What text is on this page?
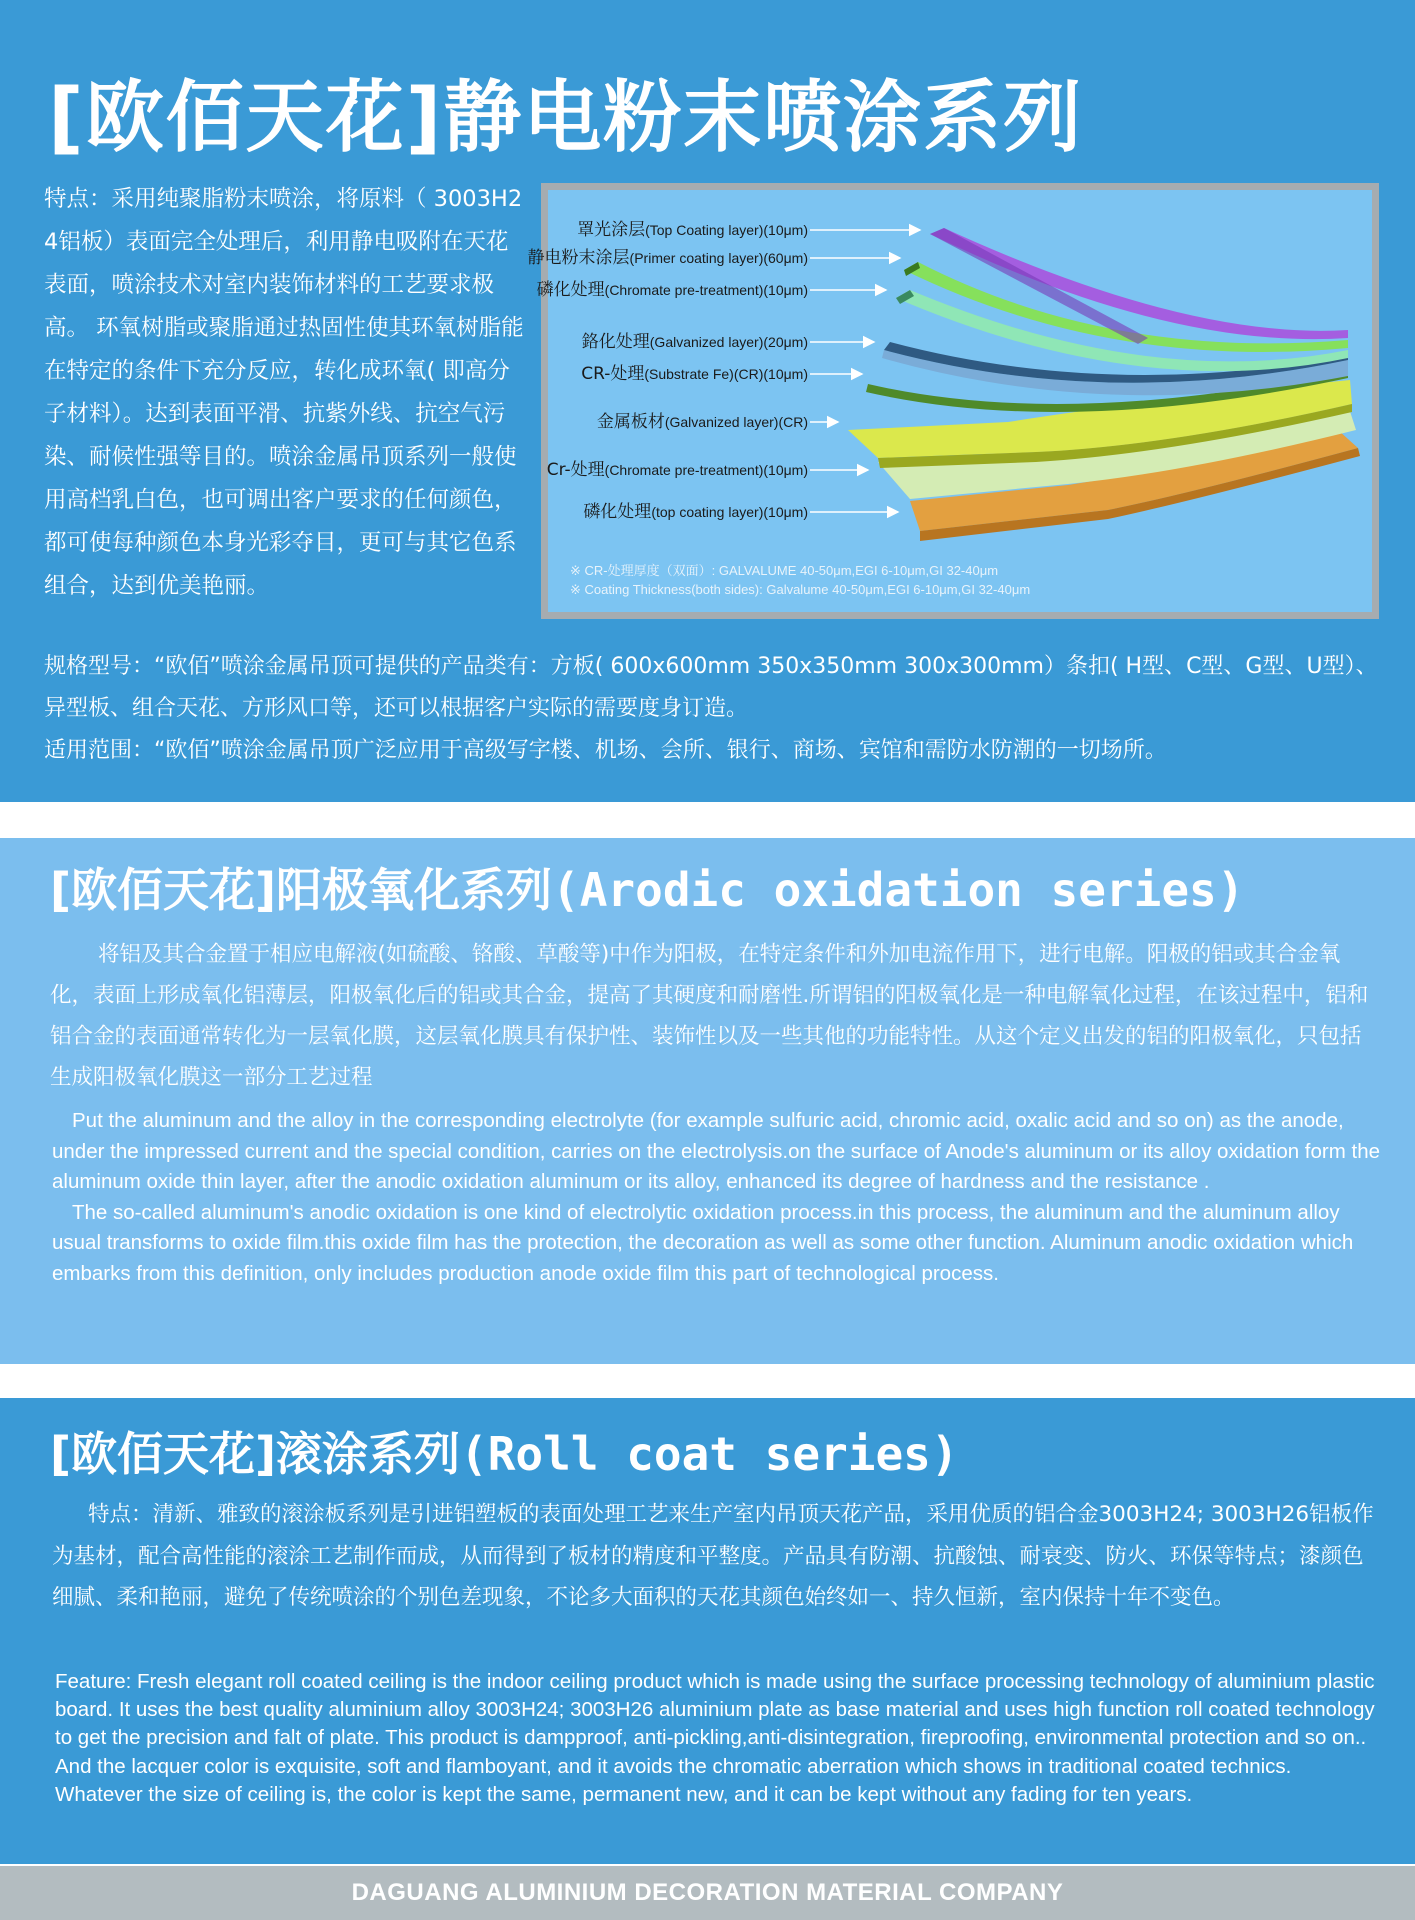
[欧佰天花]静电粉末喷涂系列

特点：采用纯聚脂粉末喷涂，将原料（ 3003H24铝板）表面完全处理后，利用静电吸附在天花表面，喷涂技术对室内装饰材料的工艺要求极高。 环氧树脂或聚脂通过热固性使其环氧树脂能在特定的条件下充分反应，转化成环氧( 即高分子材料）。达到表面平滑、抗紫外线、抗空气污染、耐候性强等目的。喷涂金属吊顶系列一般使用高档乳白色，也可调出客户要求的任何颜色，都可使每种颜色本身光彩夺目，更可与其它色系组合，达到优美艳丽。

罩光涂层(Top Coating layer)(10μm)
静电粉末涂层(Primer coating layer)(60μm)
磷化处理(Chromate pre-treatment)(10μm)
鉻化处理(Galvanized layer)(20μm)
CR-处理(Substrate Fe)(CR)(10μm)
金属板材(Galvanized layer)(CR)
Cr-处理(Chromate pre-treatment)(10μm)
磷化处理(top coating layer)(10μm)
※ CR-处理厚度（双面）: GALVALUME 40-50μm,EGI 6-10μm,GI 32-40μm
※ Coating Thickness(both sides): Galvalume 40-50μm,EGI 6-10μm,GI 32-40μm

规格型号：“欧佰”喷涂金属吊顶可提供的产品类有：方板( 600x600mm 350x350mm 300x300mm）条扣( H型、C型、G型、U型）、异型板、组合天花、方形风口等，还可以根据客户实际的需要度身订造。

适用范围：“欧佰”喷涂金属吊顶广泛应用于高级写字楼、机场、会所、银行、商场、宾馆和需防水防潮的一切场所。

[欧佰天花]阳极氧化系列(Arodic oxidation series)

将铝及其合金置于相应电解液(如硫酸、铬酸、草酸等)中作为阳极，在特定条件和外加电流作用下，进行电解。阳极的铝或其合金氧化，表面上形成氧化铝薄层，阳极氧化后的铝或其合金，提高了其硬度和耐磨性.所谓铝的阳极氧化是一种电解氧化过程，在该过程中，铝和铝合金的表面通常转化为一层氧化膜，这层氧化膜具有保护性、装饰性以及一些其他的功能特性。从这个定义出发的铝的阳极氧化，只包括生成阳极氧化膜这一部分工艺过程

Put the aluminum and the alloy in the corresponding electrolyte (for example sulfuric acid, chromic acid, oxalic acid and so on) as the anode, under the impressed current and the special condition, carries on the electrolysis.on the surface of Anode's aluminum or its alloy oxidation form the aluminum oxide thin layer, after the anodic oxidation aluminum or its alloy, enhanced its degree of hardness and the resistance .

The so-called aluminum's anodic oxidation is one kind of electrolytic oxidation process.in this process, the aluminum and the aluminum alloy usual transforms to oxide film.this oxide film has the protection, the decoration as well as some other function. Aluminum anodic oxidation which embarks from this definition, only includes production anode oxide film this part of technological process.

[欧佰天花]滚涂系列(Roll coat series)

特点：清新、雅致的滚涂板系列是引进铝塑板的表面处理工艺来生产室内吊顶天花产品，采用优质的铝合金3003H24; 3003H26铝板作为基材，配合高性能的滚涂工艺制作而成，从而得到了板材的精度和平整度。产品具有防潮、抗酸蚀、耐衰变、防火、环保等特点；漆颜色细腻、柔和艳丽，避免了传统喷涂的个别色差现象，不论多大面积的天花其颜色始终如一、持久恒新，室内保持十年不变色。

Feature: Fresh elegant roll coated ceiling is the indoor ceiling product which is made using the surface processing technology of aluminium plastic board. It uses the best quality aluminium alloy 3003H24; 3003H26 aluminium plate as base material and uses high function roll coated technology to get the precision and falt of plate. This product is dampproof, anti-pickling,anti-disintegration, fireproofing, environmental protection and so on.. And the lacquer color is exquisite, soft and flamboyant, and it avoids the chromatic aberration which shows in traditional coated technics. Whatever the size of ceiling is, the color is kept the same, permanent new, and it can be kept without any fading for ten years.

DAGUANG ALUMINIUM DECORATION MATERIAL COMPANY
